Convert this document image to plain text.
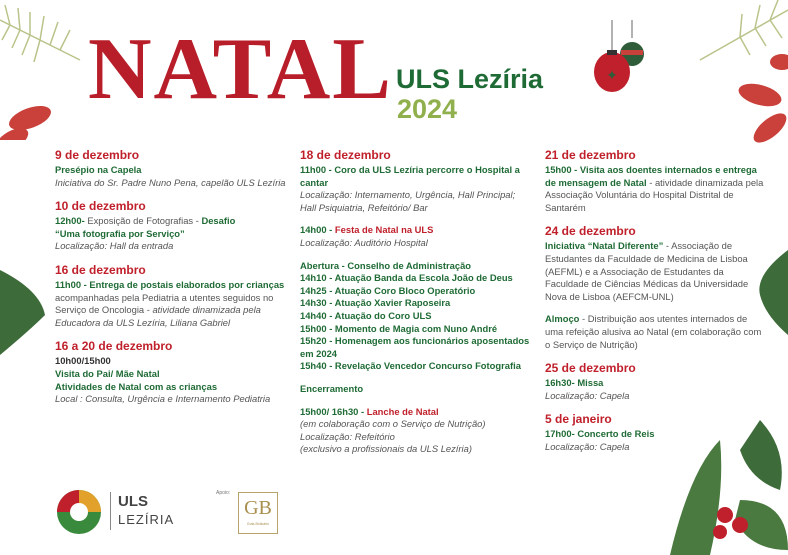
✦
NATAL ULS Lezíria
2024
9 de dezembro
Presépio na Capela
Iniciativa do Sr. Padre Nuno Pena, capelão ULS Lezíria
10 de dezembro
12h00- Exposição de Fotografias - Desafio
“Uma fotografia por Serviço”
Localização: Hall da entrada
16 de dezembro
11h00 - Entrega de postais elaborados por crianças acompanhadas pela Pediatria a utentes seguidos no Serviço de Oncologia - atividade dinamizada pela Educadora da ULS Lezíria, Liliana Gabriel
16 a 20 de dezembro
10h00/15h00
Visita do Pai/ Mãe Natal
Atividades de Natal com as crianças
Local : Consulta, Urgência e Internamento Pediatria
18 de dezembro
11h00 - Coro da ULS Lezíria percorre o Hospital a cantar
Localização: Internamento, Urgência, Hall Principal; Hall Psiquiatria, Refeitório/ Bar
14h00 - Festa de Natal na ULS
Localização: Auditório Hospital
Abertura - Conselho de Administração
14h10 - Atuação Banda da Escola João de Deus
14h25 - Atuação Coro Bloco Operatório
14h30 - Atuação Xavier Raposeira
14h40 - Atuação do Coro ULS
15h00 - Momento de Magia com Nuno André
15h20 - Homenagem aos funcionários aposentados em 2024
15h40 - Revelação Vencedor Concurso Fotografia
Encerramento
15h00/ 16h30 - Lanche de Natal
(em colaboração com o Serviço de Nutrição)
Localização: Refeitório
(exclusivo a profissionais da ULS Lezíria)
21 de dezembro
15h00 - Visita aos doentes internados e entrega de mensagem de Natal - atividade dinamizada pela Associação Voluntária do Hospital Distrital de Santarém
24 de dezembro
Iniciativa “Natal Diferente” - Associação de Estudantes da Faculdade de Medicina de Lisboa (AEFML) e a Associação de Estudantes da Faculdade de Ciências Médicas da Universidade Nova de Lisboa (AEFCM-UNL)
Almoço - Distribuição aos utentes internados de uma refeição alusiva ao Natal (em colaboração com o Serviço de Nutrição)
25 de dezembro
16h30- Missa
Localização: Capela
5 de janeiro
17h00- Concerto de Reis
Localização: Capela
ULS
LEZÍRIA
Apoio:
GB
Gota Boticário
